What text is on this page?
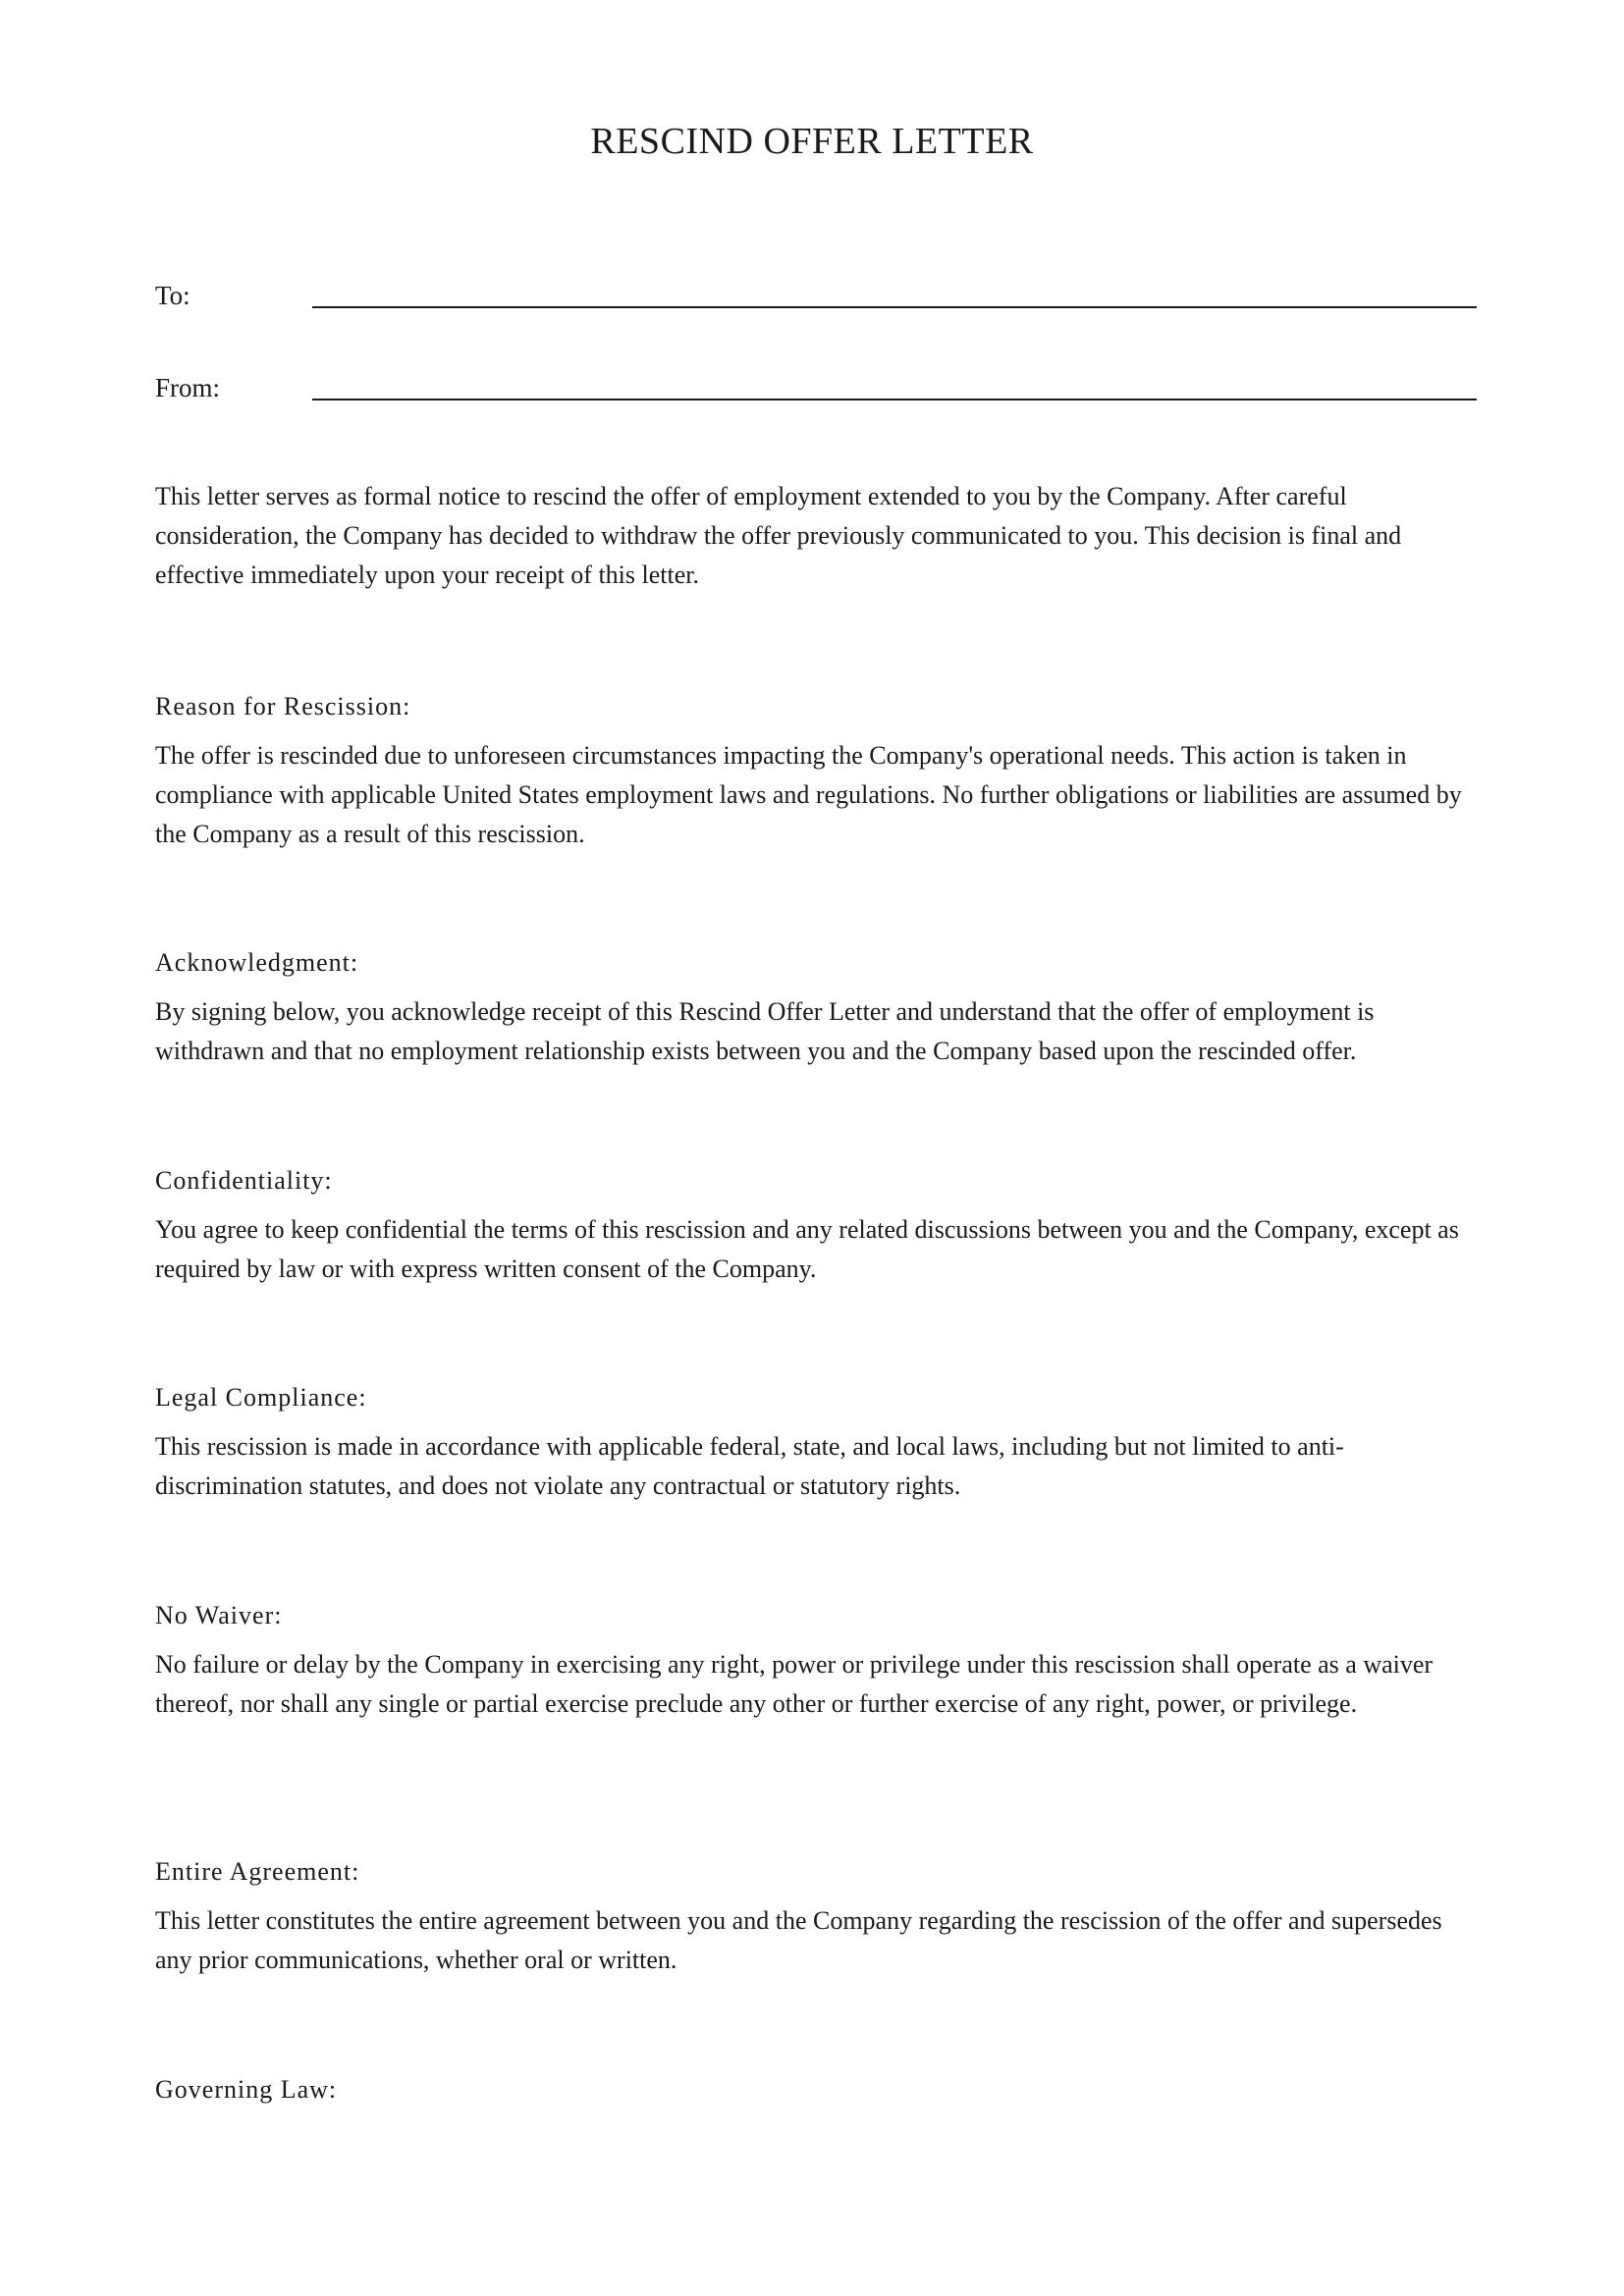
RESCIND OFFER LETTER
To:
From:

This letter serves as formal notice to rescind the offer of employment extended to you by the Company. After careful consideration, the Company has decided to withdraw the offer previously communicated to you. This decision is final and effective immediately upon your receipt of this letter.

Reason for Rescission:

The offer is rescinded due to unforeseen circumstances impacting the Company's operational needs. This action is taken in compliance with applicable United States employment laws and regulations. No further obligations or liabilities are assumed by the Company as a result of this rescission.

Acknowledgment:

By signing below, you acknowledge receipt of this Rescind Offer Letter and understand that the offer of employment is withdrawn and that no employment relationship exists between you and the Company based upon the rescinded offer.

Confidentiality:

You agree to keep confidential the terms of this rescission and any related discussions between you and the Company, except as required by law or with express written consent of the Company.

Legal Compliance:

This rescission is made in accordance with applicable federal, state, and local laws, including but not limited to anti-discrimination statutes, and does not violate any contractual or statutory rights.

No Waiver:

No failure or delay by the Company in exercising any right, power or privilege under this rescission shall operate as a waiver thereof, nor shall any single or partial exercise preclude any other or further exercise of any right, power, or privilege.

Entire Agreement:

This letter constitutes the entire agreement between you and the Company regarding the rescission of the offer and supersedes any prior communications, whether oral or written.

Governing Law:
